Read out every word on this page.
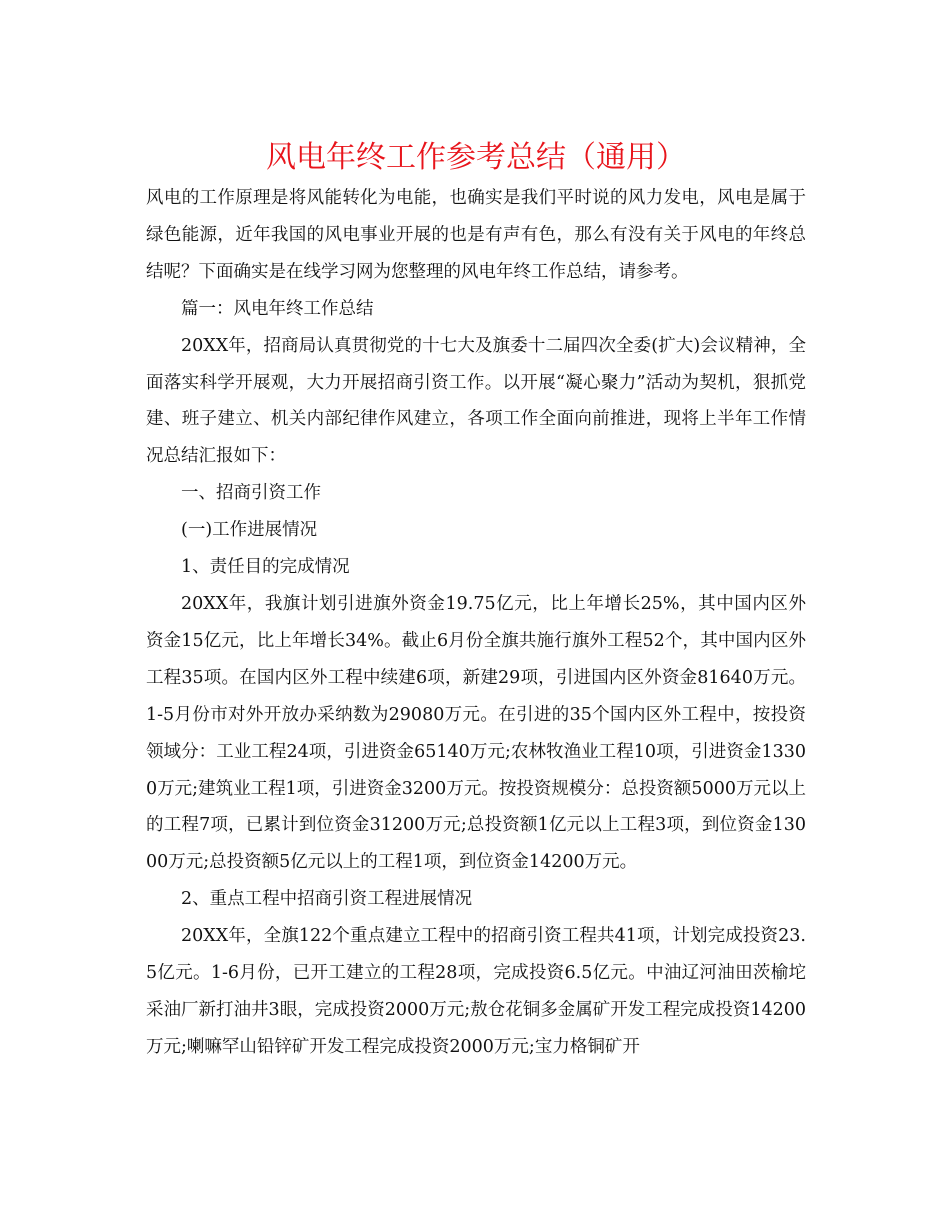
风电年终工作参考总结（通用）

风电的工作原理是将风能转化为电能，也确实是我们平时说的风力发电，风电是属于绿色能源，近年我国的风电事业开展的也是有声有色，那么有没有关于风电的年终总结呢？下面确实是在线学习网为您整理的风电年终工作总结，请参考。

篇一：风电年终工作总结

20XX年，招商局认真贯彻党的十七大及旗委十二届四次全委(扩大)会议精神，全面落实科学开展观，大力开展招商引资工作。以开展“凝心聚力”活动为契机，狠抓党建、班子建立、机关内部纪律作风建立，各项工作全面向前推进，现将上半年工作情况总结汇报如下：

一、招商引资工作

(一)工作进展情况

1、责任目的完成情况

20XX年，我旗计划引进旗外资金19.75亿元，比上年增长25%，其中国内区外资金15亿元，比上年增长34%。截止6月份全旗共施行旗外工程52个，其中国内区外工程35项。在国内区外工程中续建6项，新建29项，引进国内区外资金81640万元。1-5月份市对外开放办采纳数为29080万元。在引进的35个国内区外工程中，按投资领域分：工业工程24项，引进资金65140万元;农林牧渔业工程10项，引进资金13300万元;建筑业工程1项，引进资金3200万元。按投资规模分：总投资额5000万元以上的工程7项，已累计到位资金31200万元;总投资额1亿元以上工程3项，到位资金13000万元;总投资额5亿元以上的工程1项，到位资金14200万元。

2、重点工程中招商引资工程进展情况

20XX年，全旗122个重点建立工程中的招商引资工程共41项，计划完成投资23.5亿元。1-6月份，已开工建立的工程28项，完成投资6.5亿元。中油辽河油田茨榆坨采油厂新打油井3眼，完成投资2000万元;敖仓花铜多金属矿开发工程完成投资14200万元;喇嘛罕山铅锌矿开发工程完成投资2000万元;宝力格铜矿开
